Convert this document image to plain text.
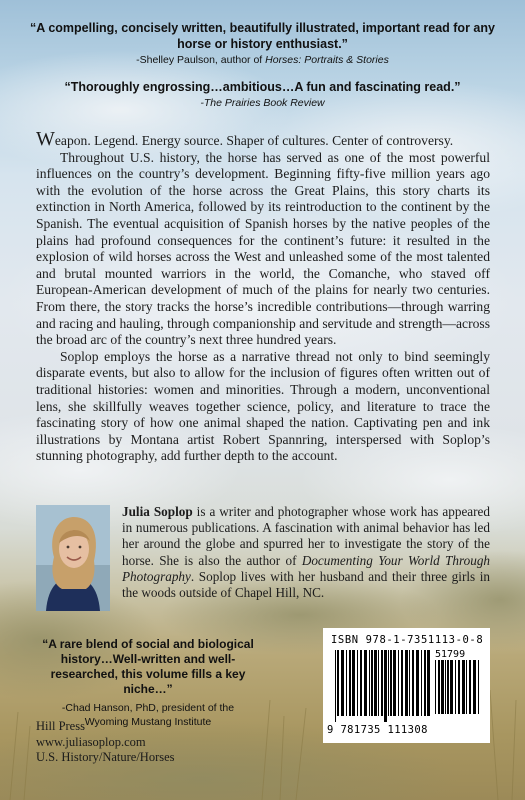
“A compelling, concisely written, beautifully illustrated, important read for any horse or history enthusiast.”
-Shelley Paulson, author of Horses: Portraits & Stories
“Thoroughly engrossing…ambitious…A fun and fascinating read.”
-The Prairies Book Review

Weapon. Legend. Energy source. Shaper of cultures. Center of controversy.

Throughout U.S. history, the horse has served as one of the most powerful influences on the country’s development. Beginning fifty-five million years ago with the evolution of the horse across the Great Plains, this story charts its extinction in North America, followed by its reintroduction to the continent by the Spanish. The eventual acquisition of Spanish horses by the native peoples of the plains had profound consequences for the continent’s future: it resulted in the explosion of wild horses across the West and unleashed some of the most talented and brutal mounted warriors in the world, the Comanche, who staved off European-American development of much of the plains for nearly two centuries. From there, the story tracks the horse’s incredible contributions—through warring and racing and hauling, through companionship and servitude and strength—across the broad arc of the country’s next three hundred years.

Soplop employs the horse as a narrative thread not only to bind seemingly disparate events, but also to allow for the inclusion of figures often written out of traditional histories: women and minorities. Through a modern, unconventional lens, she skillfully weaves together science, policy, and literature to trace the fascinating story of how one animal shaped the nation. Captivating pen and ink illustrations by Montana artist Robert Spannring, interspersed with Soplop’s stunning photography, add further depth to the account.

Julia Soplop is a writer and photographer whose work has appeared in numerous publications. A fascination with animal behavior has led her around the globe and spurred her to investigate the story of the horse. She is also the author of Documenting Your World Through Photography. Soplop lives with her husband and their three girls in the woods outside of Chapel Hill, NC.

“A rare blend of social and biological history…Well-written and well-researched, this volume fills a key niche…”

-Chad Hanson, PhD, president of the
Wyoming Mustang Institute

Hill Press
www.juliasoplop.com
U.S. History/Nature/Horses
ISBN 978-1-7351113-0-8
51799
9 781735 111308
